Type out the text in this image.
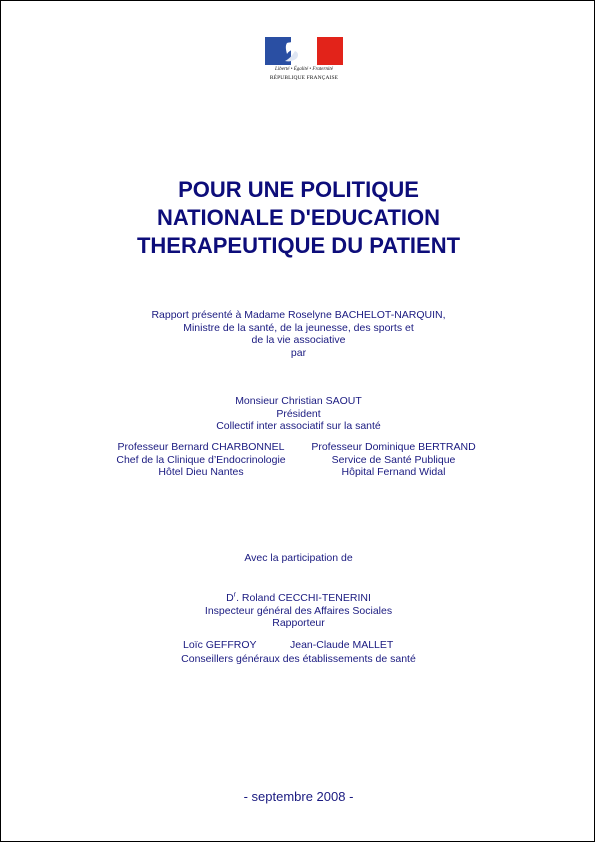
Liberté • Égalité • Fraternité
RÉPUBLIQUE FRANÇAISE
POUR UNE POLITIQUE
NATIONALE D'EDUCATION
THERAPEUTIQUE DU PATIENT
Rapport présenté à Madame Roselyne BACHELOT-NARQUIN,
Ministre de la santé, de la jeunesse, des sports et
de la vie associative
par
Monsieur Christian SAOUT
Président
Collectif inter associatif sur la santé
Professeur Bernard CHARBONNEL
Chef de la Clinique d’Endocrinologie
Hôtel Dieu Nantes
Professeur Dominique BERTRAND
Service de Santé Publique
Hôpital Fernand Widal
Avec la participation de
$D^r$. Roland CECCHI-TENERINI
Inspecteur général des Affaires Sociales
Rapporteur
Loïc GEFFROY	Jean-Claude MALLET
Conseillers généraux des établissements de santé
- septembre 2008 -
